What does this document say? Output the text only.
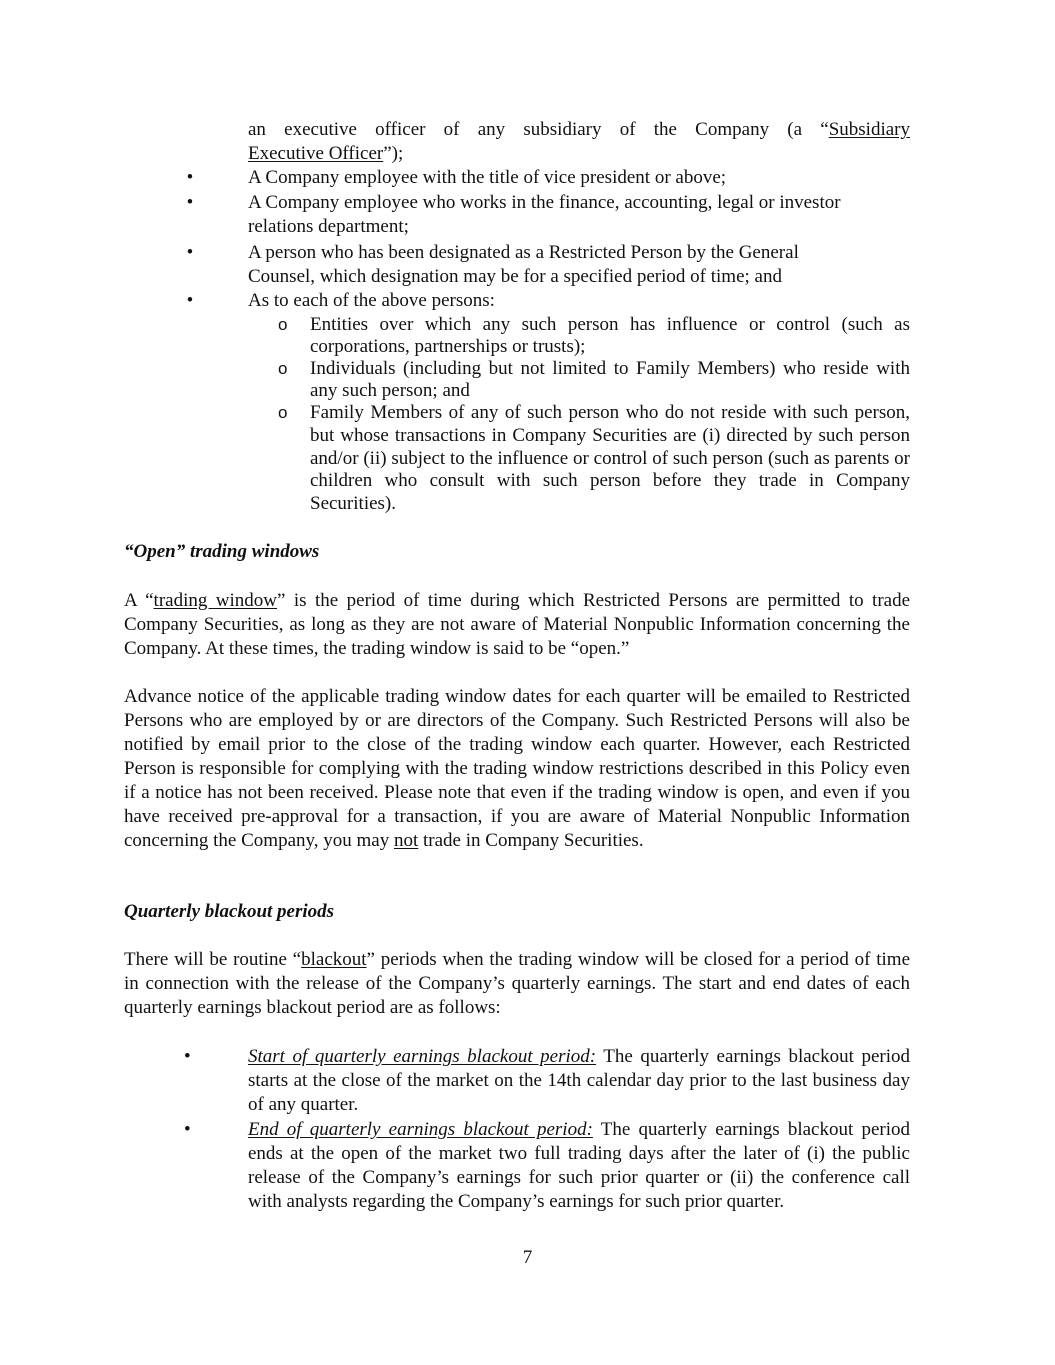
an executive officer of any subsidiary of the Company (a “Subsidiary
Executive Officer”);
•	A Company employee with the title of vice president or above;
•	A Company employee who works in the finance, accounting, legal or investor
relations department;
•	A person who has been designated as a Restricted Person by the General
Counsel, which designation may be for a specified period of time; and
•	As to each of the above persons:
o Entities over which any such person has influence or control (such as corporations, partnerships or trusts);
o Individuals (including but not limited to Family Members) who reside with any such person; and
o Family Members of any of such person who do not reside with such person, but whose transactions in Company Securities are (i) directed by such person and/or (ii) subject to the influence or control of such person (such as parents or children who consult with such person before they trade in Company Securities).
“Open” trading windows
A “trading window” is the period of time during which Restricted Persons are permitted to trade Company Securities, as long as they are not aware of Material Nonpublic Information concerning the Company. At these times, the trading window is said to be “open.”
Advance notice of the applicable trading window dates for each quarter will be emailed to Restricted Persons who are employed by or are directors of the Company. Such Restricted Persons will also be notified by email prior to the close of the trading window each quarter. However, each Restricted Person is responsible for complying with the trading window restrictions described in this Policy even if a notice has not been received. Please note that even if the trading window is open, and even if you have received pre-approval for a transaction, if you are aware of Material Nonpublic Information concerning the Company, you may not trade in Company Securities.
Quarterly blackout periods
There will be routine “blackout” periods when the trading window will be closed for a period of time in connection with the release of the Company’s quarterly earnings. The start and end dates of each quarterly earnings blackout period are as follows:
•	Start of quarterly earnings blackout period: The quarterly earnings blackout period starts at the close of the market on the 14th calendar day prior to the last business day of any quarter.
•	End of quarterly earnings blackout period: The quarterly earnings blackout period ends at the open of the market two full trading days after the later of (i) the public release of the Company’s earnings for such prior quarter or (ii) the conference call with analysts regarding the Company’s earnings for such prior quarter.
7
